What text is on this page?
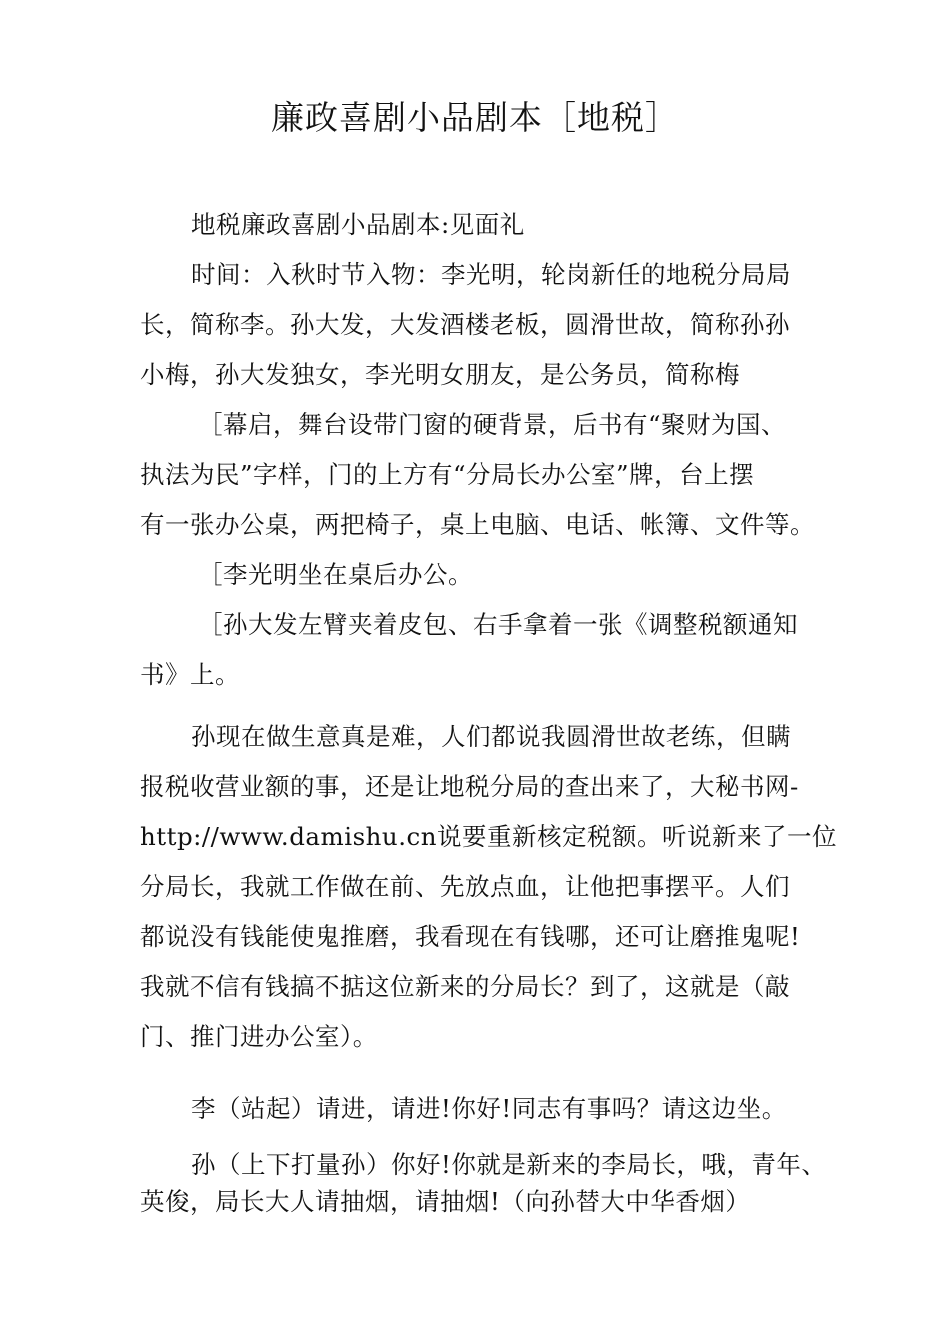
廉政喜剧小品剧本［地税］
地税廉政喜剧小品剧本:见面礼
时间：入秋时节入物：李光明，轮岗新任的地税分局局
长，简称李。孙大发，大发酒楼老板，圆滑世故，简称孙孙
小梅，孙大发独女，李光明女朋友，是公务员，简称梅
［幕启，舞台设带门窗的硬背景，后书有“聚财为国、
执法为民”字样，门的上方有“分局长办公室”牌，台上摆
有一张办公桌，两把椅子，桌上电脑、电话、帐簿、文件等。
［李光明坐在桌后办公。
［孙大发左臂夹着皮包、右手拿着一张《调整税额通知
书》上。
孙现在做生意真是难，人们都说我圆滑世故老练，但瞒
报税收营业额的事，还是让地税分局的查出来了，大秘书网-
http://www.damishu.cn说要重新核定税额。听说新来了一位
分局长，我就工作做在前、先放点血，让他把事摆平。人们
都说没有钱能使鬼推磨，我看现在有钱哪，还可让磨推鬼呢!
我就不信有钱搞不掂这位新来的分局长？到了，这就是（敲
门、推门进办公室）。
李（站起）请进，请进!你好!同志有事吗？请这边坐。
孙（上下打量孙）你好!你就是新来的李局长，哦，青年、
英俊，局长大人请抽烟，请抽烟!（向孙替大中华香烟）
